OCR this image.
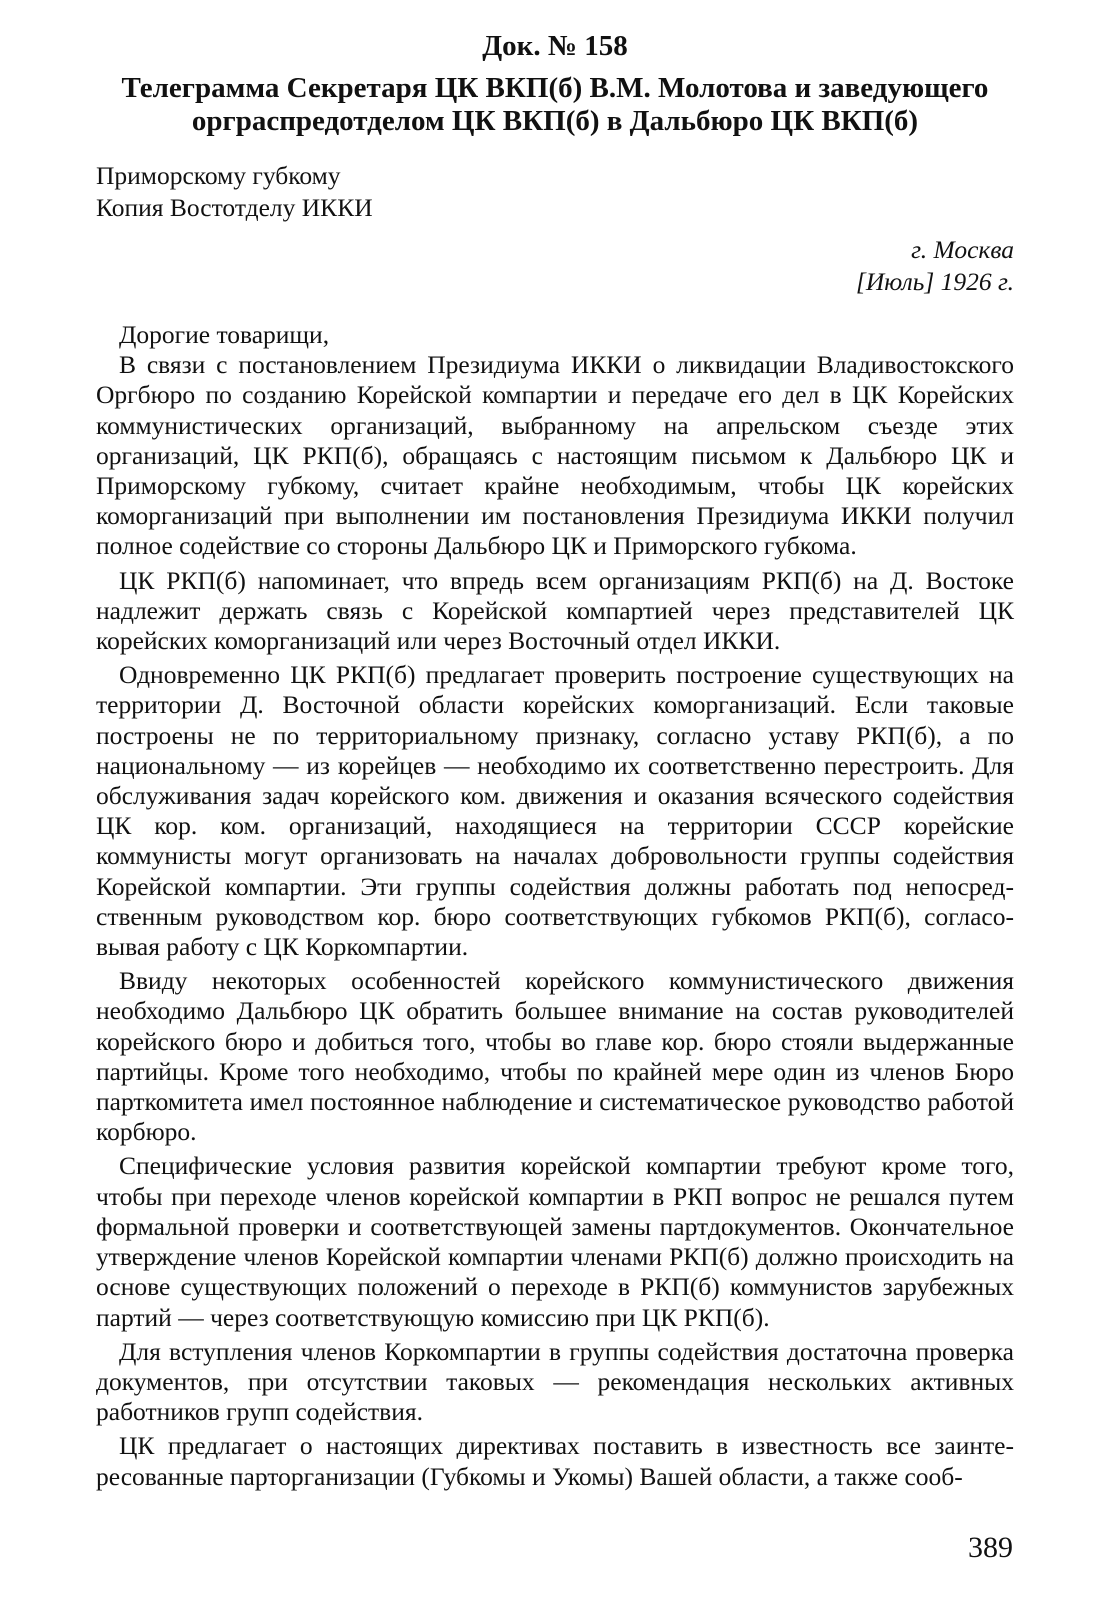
Док. № 158
Телеграмма Секретаря ЦК ВКП(б) В.М. Молотова и заведующего орграспредотделом ЦК ВКП(б) в Дальбюро ЦК ВКП(б)
Приморскому губкому
Копия Востотделу ИККИ
г. Москва
[Июль] 1926 г.

Дорогие товарищи,

В связи с постановлением Президиума ИККИ о ликвидации Владивостокского Оргбюро по созданию Корейской компартии и передаче его дел в ЦК Корейских коммунистических организаций, выбранному на апрельском съезде этих организаций, ЦК РКП(б), обращаясь с настоящим письмом к Дальбюро ЦК и Приморскому губкому, считает крайне необходимым, чтобы ЦК корейских коморганизаций при выполнении им постановления Президиума ИККИ получил полное содействие со стороны Дальбюро ЦК и Приморского губкома.

ЦК РКП(б) напоминает, что впредь всем организациям РКП(б) на Д. Востоке надлежит держать связь с Корейской компартией через представителей ЦК корейских коморганизаций или через Восточный отдел ИККИ.

Одновременно ЦК РКП(б) предлагает проверить построение существующих на территории Д. Восточной области корейских коморганизаций. Если таковые построены не по территориальному признаку, согласно уставу РКП(б), а по национальному — из корейцев — необходимо их соответственно перестроить. Для обслуживания задач корейского ком. движения и оказания всяческого содействия ЦК кор. ком. организаций, находящиеся на территории СССР корейские коммунисты могут организовать на началах добровольности группы содействия Корейской компартии. Эти группы содействия должны работать под непосредственным руководством кор. бюро соответствующих губкомов РКП(б), согласовывая работу с ЦК Коркомпартии.

Ввиду некоторых особенностей корейского коммунистического движения необходимо Дальбюро ЦК обратить большее внимание на состав руководителей корейского бюро и добиться того, чтобы во главе кор. бюро стояли выдержанные партийцы. Кроме того необходимо, чтобы по крайней мере один из членов Бюро парткомитета имел постоянное наблюдение и систематическое руководство работой корбюро.

Специфические условия развития корейской компартии требуют кроме того, чтобы при переходе членов корейской компартии в РКП вопрос не решался путем формальной проверки и соответствующей замены партдокументов. Окончательное утверждение членов Корейской компартии членами РКП(б) должно происходить на основе существующих положений о переходе в РКП(б) коммунистов зарубежных партий — через соответствующую комиссию при ЦК РКП(б).

Для вступления членов Коркомпартии в группы содействия достаточна проверка документов, при отсутствии таковых — рекомендация нескольких активных работников групп содействия.

ЦК предлагает о настоящих директивах поставить в известность все заинтересованные парторганизации (Губкомы и Укомы) Вашей области, а также сооб-

389
